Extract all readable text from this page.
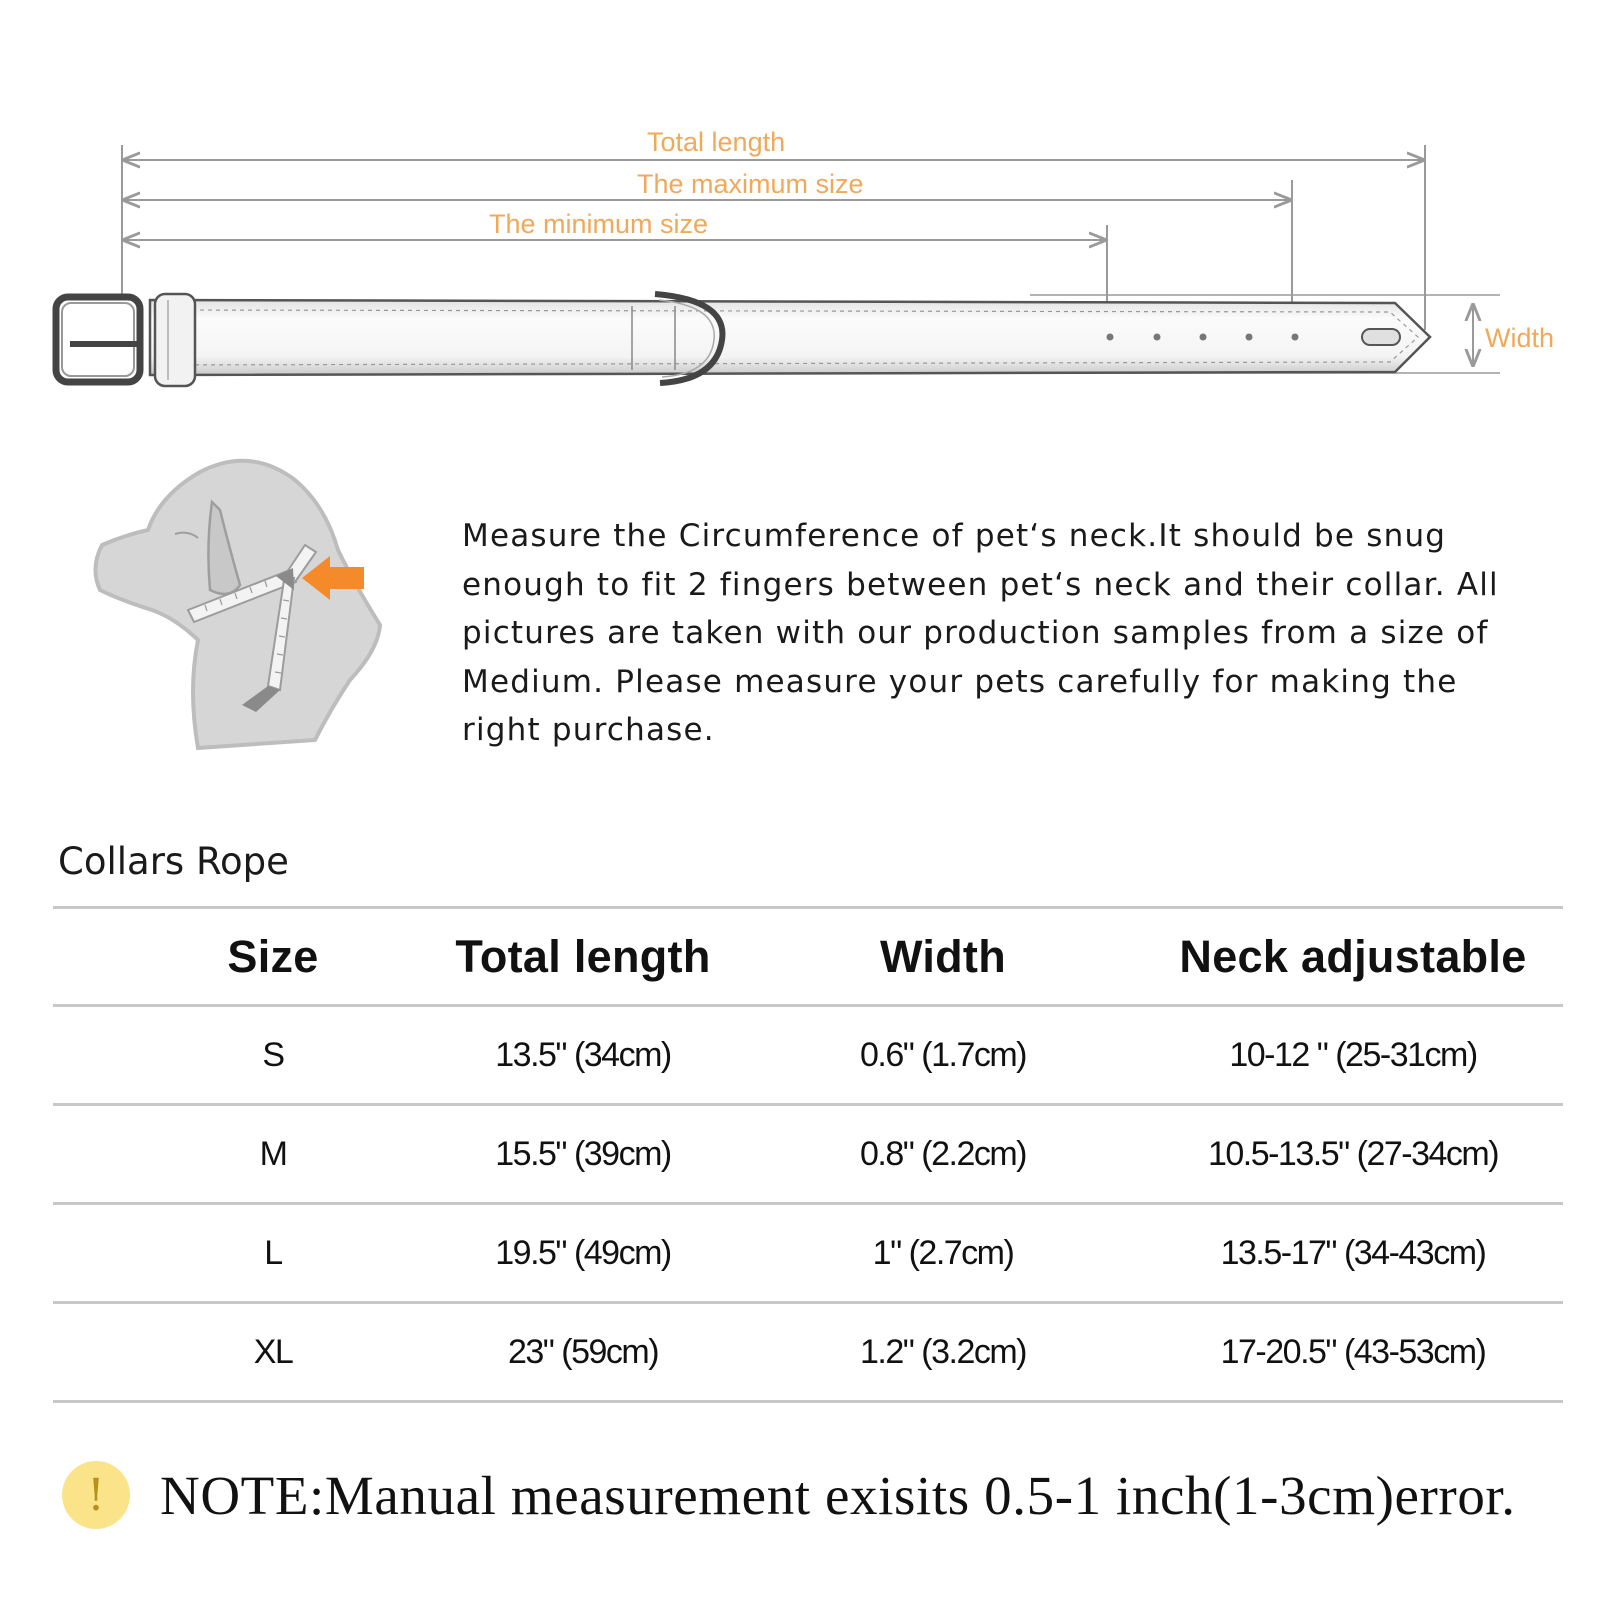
Total length
The maximum size
The minimum size
Width

Measure the Circumference of pet‘s neck.It should be snug enough to fit 2 fingers between pet‘s neck and their collar. All pictures are taken with our production samples from a size of Medium. Please measure your pets carefully for making the right purchase.

Collars Rope
Size	Total length	Width	Neck adjustable
S	13.5" (34cm)	0.6" (1.7cm)	10-12 " (25-31cm)
M	15.5" (39cm)	0.8" (2.2cm)	10.5-13.5" (27-34cm)
L	19.5" (49cm)	1" (2.7cm)	13.5-17" (34-43cm)
XL	23" (59cm)	1.2" (3.2cm)	17-20.5" (43-53cm)
!	NOTE:Manual measurement exisits 0.5-1 inch(1-3cm)error.
